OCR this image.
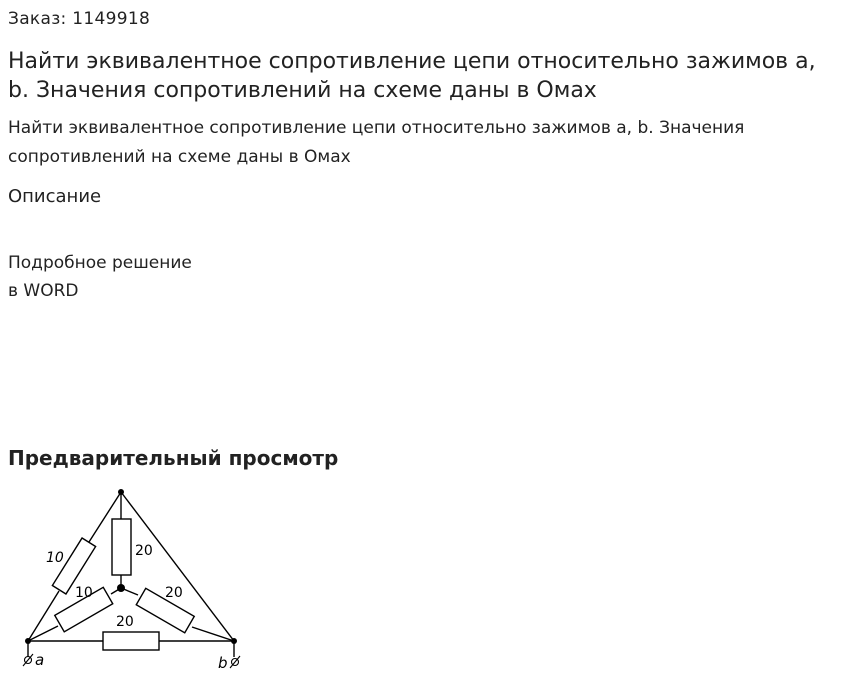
Заказ: 1149918
Найти эквивалентное сопротивление цепи относительно зажимов a, b. Значения сопротивлений на схеме даны в Омах

Найти эквивалентное сопротивление цепи относительно зажимов a, b. Значения сопротивлений на схеме даны в Омах

Описание
Подробное решение
в WORD
Предварительный просмотр
10	20
10	20
20
a	b
